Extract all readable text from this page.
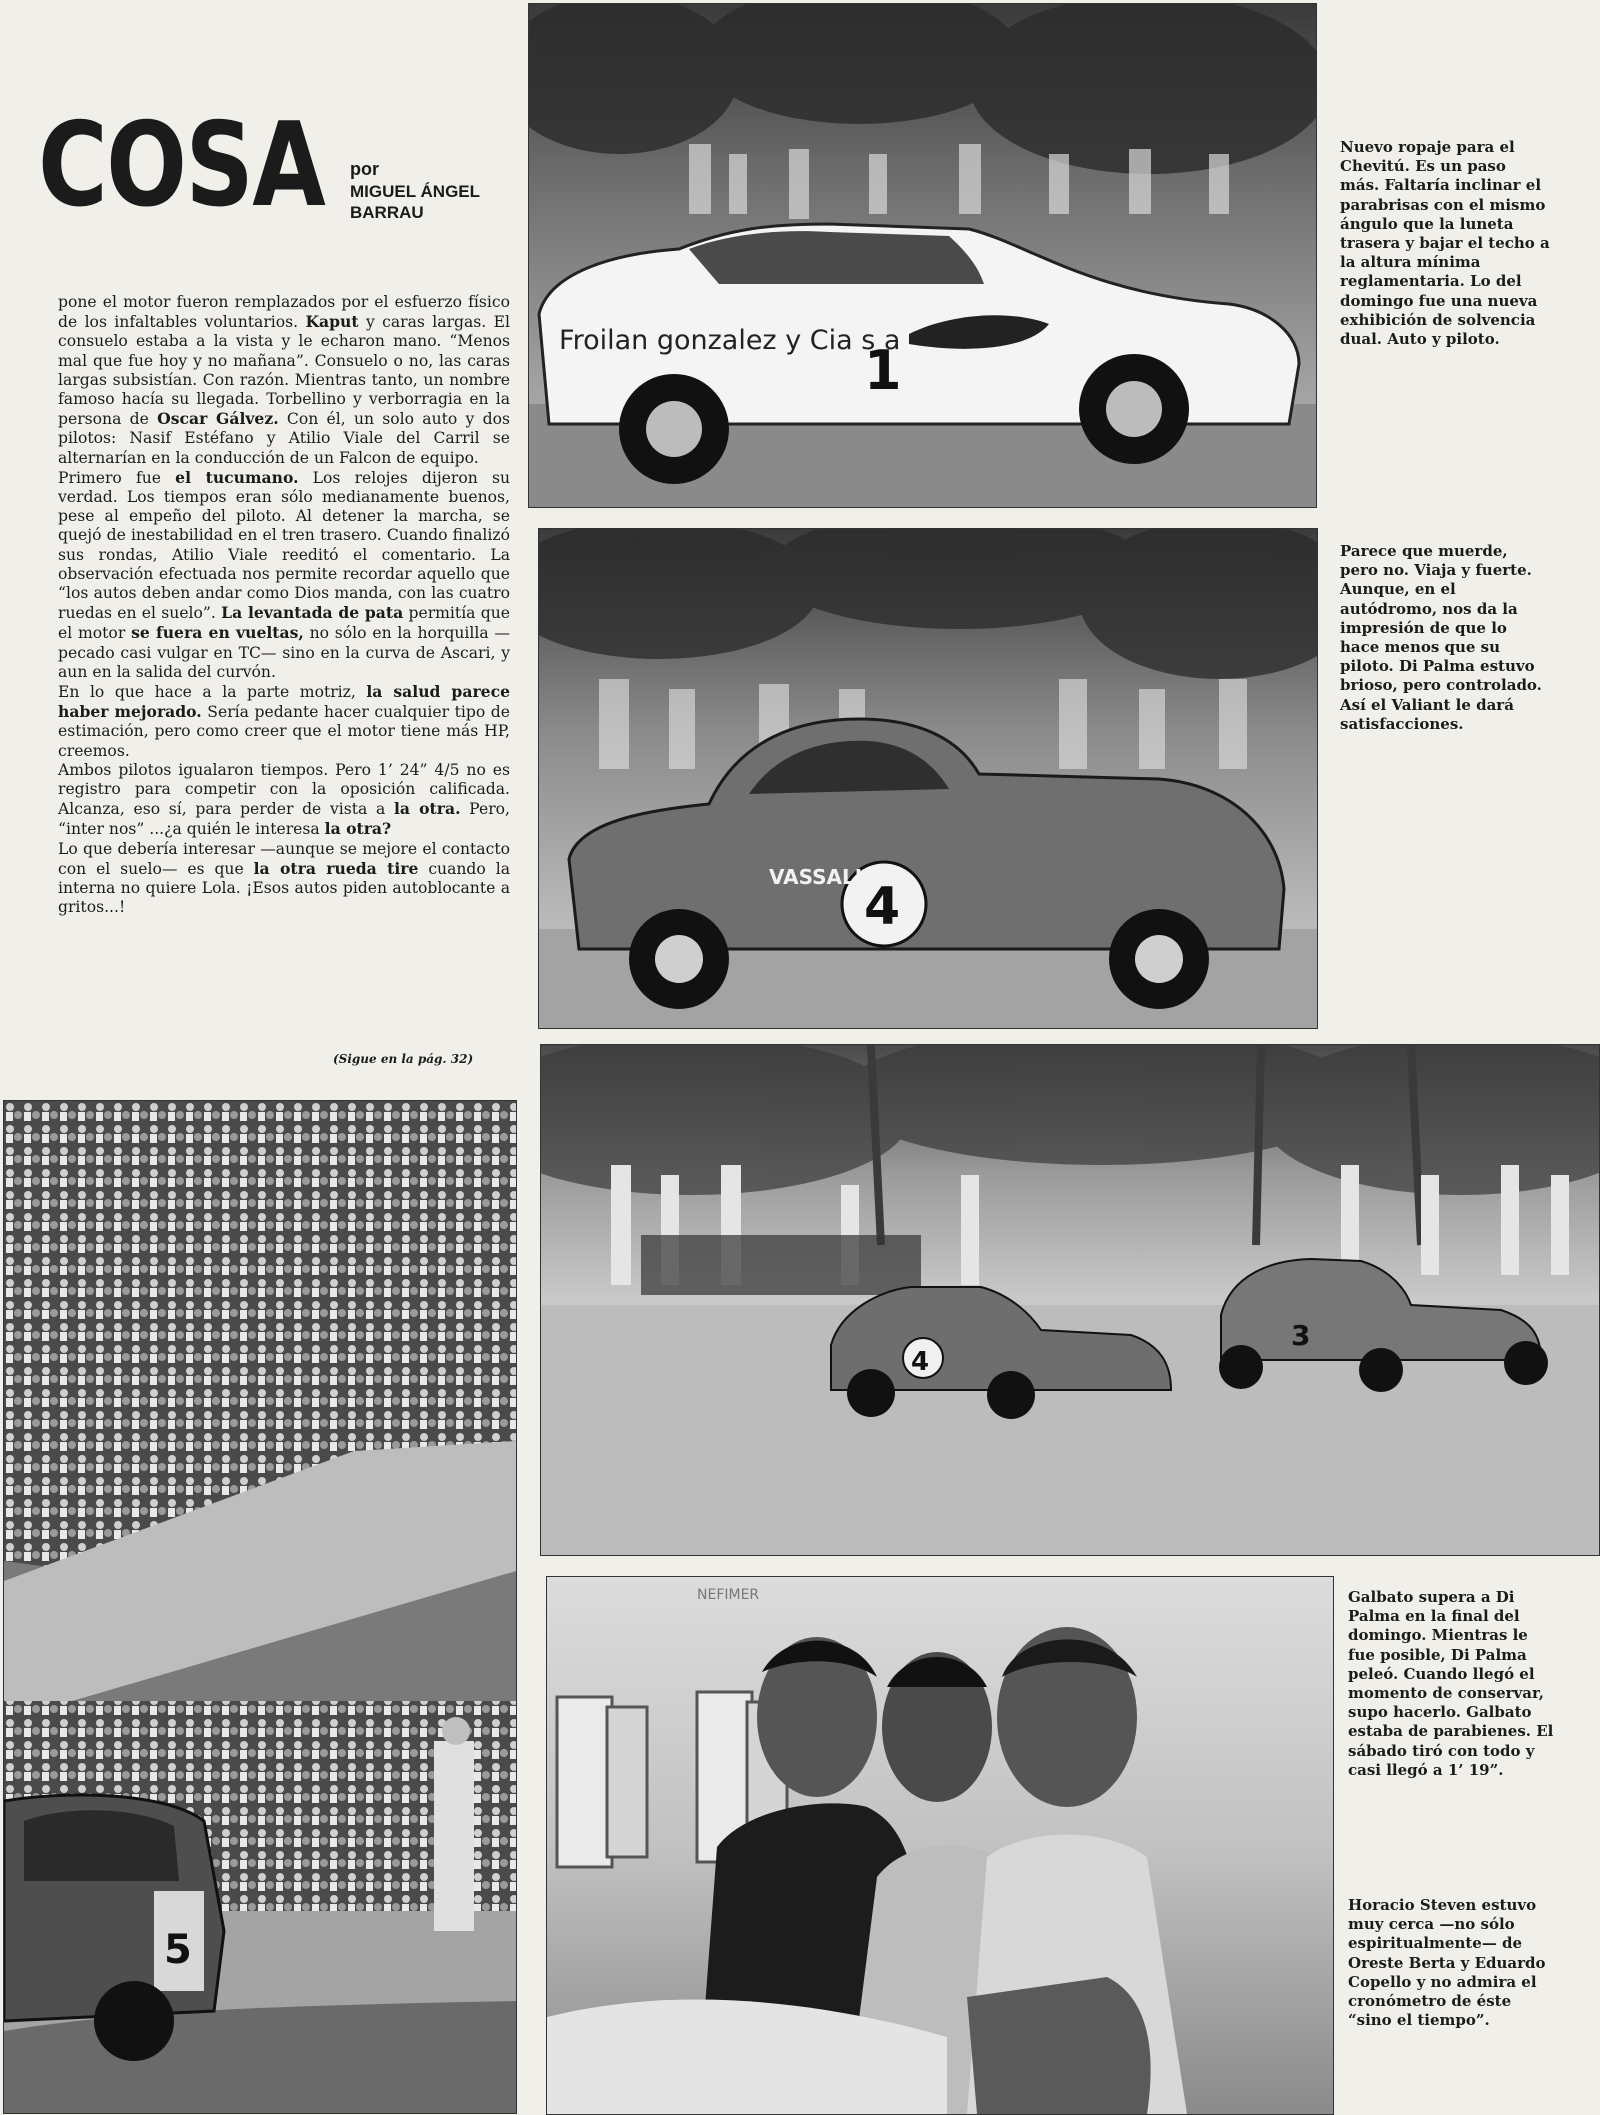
COSA por
MIGUEL ÁNGEL
BARRAU

pone el motor fueron remplazados por el esfuerzo físico de los infaltables voluntarios. Kaput y caras largas. El consuelo estaba a la vista y le echaron mano. “Menos mal que fue hoy y no mañana”. Consuelo o no, las caras largas subsistían. Con razón. Mientras tanto, un nombre famoso hacía su llegada. Torbellino y verborragia en la persona de Oscar Gálvez. Con él, un solo auto y dos pilotos: Nasif Estéfano y Atilio Viale del Carril se alternarían en la conducción de un Falcon de equipo.

Primero fue el tucumano. Los relojes dijeron su verdad. Los tiempos eran sólo medianamente buenos, pese al empeño del piloto. Al detener la marcha, se quejó de inestabilidad en el tren trasero. Cuando finalizó sus rondas, Atilio Viale reeditó el comentario. La observación efectuada nos permite recordar aquello que “los autos deben andar como Dios manda, con las cuatro ruedas en el suelo”. La levantada de pata permitía que el motor se fuera en vueltas, no sólo en la horquilla —pecado casi vulgar en TC— sino en la curva de Ascari, y aun en la salida del curvón.

En lo que hace a la parte motriz, la salud parece haber mejorado. Sería pedante hacer cualquier tipo de estimación, pero como creer que el motor tiene más HP, creemos.

Ambos pilotos igualaron tiempos. Pero 1’ 24” 4/5 no es registro para competir con la oposición calificada. Alcanza, eso sí, para perder de vista a la otra. Pero, “inter nos” ...¿a quién le interesa la otra?

Lo que debería interesar —aunque se mejore el contacto con el suelo— es que la otra rueda tire cuando la interna no quiere Lola. ¡Esos autos piden autoblocante a gritos...!

(Sigue en la pág. 32)
Froilan gonzalez y Cia s a
1
VASSALLI
4
5
4
3
NEFIMER
Nuevo ropaje para el Chevitú. Es un paso más. Faltaría inclinar el parabrisas con el mismo ángulo que la luneta trasera y bajar el techo a la altura mínima reglamentaria. Lo del domingo fue una nueva exhibición de solvencia dual. Auto y piloto.
Parece que muerde, pero no. Viaja y fuerte. Aunque, en el autódromo, nos da la impresión de que lo hace menos que su piloto. Di Palma estuvo brioso, pero controlado. Así el Valiant le dará satisfacciones.
Galbato supera a Di Palma en la final del domingo. Mientras le fue posible, Di Palma peleó. Cuando llegó el momento de conservar, supo hacerlo. Galbato estaba de parabienes. El sábado tiró con todo y casi llegó a 1’ 19”.
Horacio Steven estuvo muy cerca —no sólo espiritualmente— de Oreste Berta y Eduardo Copello y no admira el cronómetro de éste “sino el tiempo”.
